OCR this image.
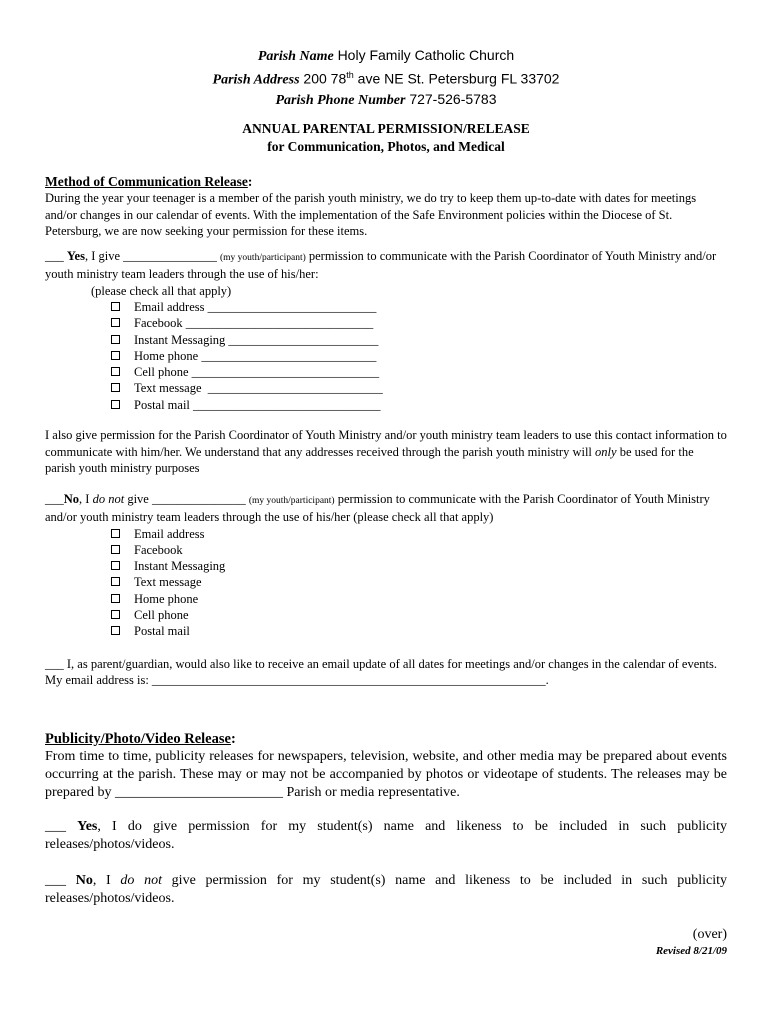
Parish Name Holy Family Catholic Church
Parish Address 200 78th ave NE St. Petersburg FL 33702
Parish Phone Number 727-526-5783
ANNUAL PARENTAL PERMISSION/RELEASE
for Communication, Photos, and Medical
Method of Communication Release:

During the year your teenager is a member of the parish youth ministry, we do try to keep them up-to-date with dates for meetings and/or changes in our calendar of events. With the implementation of the Safe Environment policies within the Diocese of St. Petersburg, we are now seeking your permission for these items.

___ Yes, I give _______________ (my youth/participant) permission to communicate with the Parish Coordinator of Youth Ministry and/or youth ministry team leaders through the use of his/her:

(please check all that apply)

Email address ___________________________
Facebook ______________________________
Instant Messaging ________________________
Home phone ____________________________
Cell phone ______________________________
Text message  ____________________________
Postal mail ______________________________

I also give permission for the Parish Coordinator of Youth Ministry and/or youth ministry team leaders to use this contact information to communicate with him/her. We understand that any addresses received through the parish youth ministry will only be used for the parish youth ministry purposes

___No, I do not give _______________ (my youth/participant) permission to communicate with the Parish Coordinator of Youth Ministry and/or youth ministry team leaders through the use of his/her (please check all that apply)

Email address
Facebook
Instant Messaging
Text message
Home phone
Cell phone
Postal mail

___ I, as parent/guardian, would also like to receive an email update of all dates for meetings and/or changes in the calendar of events. My email address is: _______________________________________________________________.

Publicity/Photo/Video Release:

From time to time, publicity releases for newspapers, television, website, and other media may be prepared about events occurring at the parish. These may or may not be accompanied by photos or videotape of students. The releases may be prepared by ________________________ Parish or media representative.

___ Yes, I do give permission for my student(s) name and likeness to be included in such publicity releases/photos/videos.

___ No, I do not give permission for my student(s) name and likeness to be included in such publicity releases/photos/videos.

(over)
Revised 8/21/09
